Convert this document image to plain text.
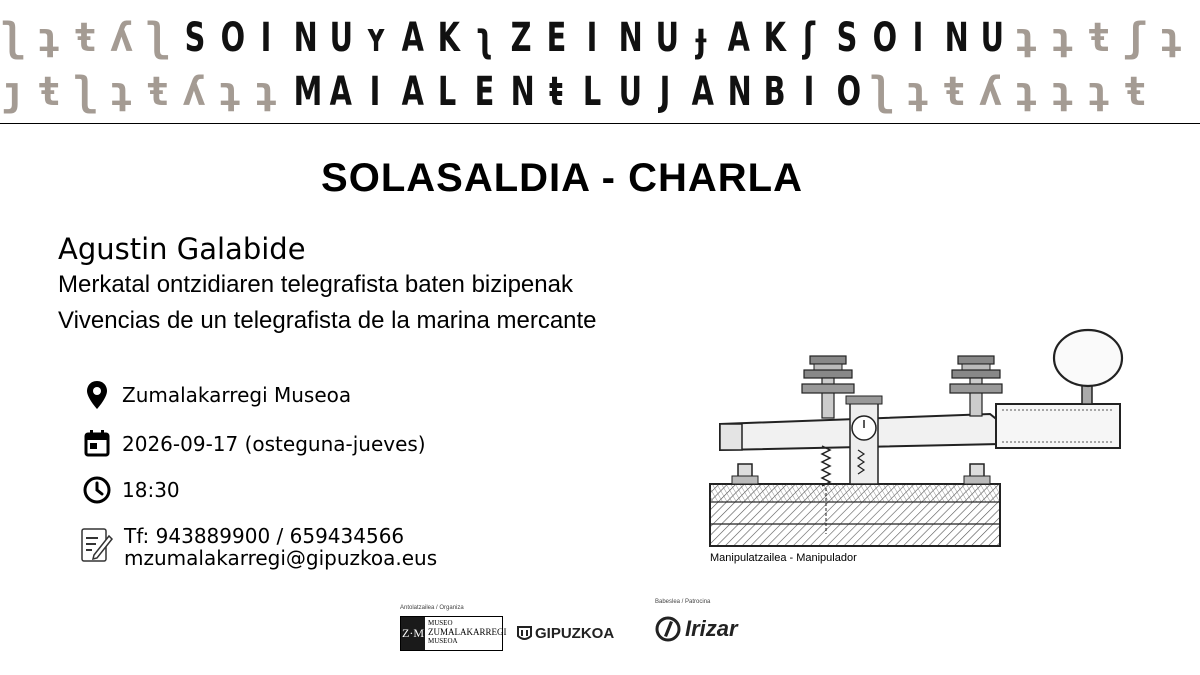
ʅ ʇ ŧ ʎ ʅ S O I N U ʏ A K ʅ Z E I N U ɟ A K ʃ S O I N U ʇ ʇ ŧ ʃ ʇ
ȷ ŧ ʅ ʇ ŧ ʎ ʇ ʇ M A I A L E N ŧ L U J A N B I O ʅ ʇ ŧ ʎ ʇ ʇ ʇ ŧ
SOLASALDIA - CHARLA
Agustin Galabide
Merkatal ontzidiaren telegrafista baten bizipenak
Vivencias de un telegrafista de la marina mercante
Zumalakarregi Museoa
2026-09-17 (osteguna-jueves)
18:30
Tf: 943889900 / 659434566
mzumalakarregi@gipuzkoa.eus	Manipulatzailea - Manipulador
Antolatzailea / Organiza
Babeslea / Patrocina
Z·M
MUSEO
ZUMALAKARREGI
MUSEOA	GIPUZKOA	Irizar
